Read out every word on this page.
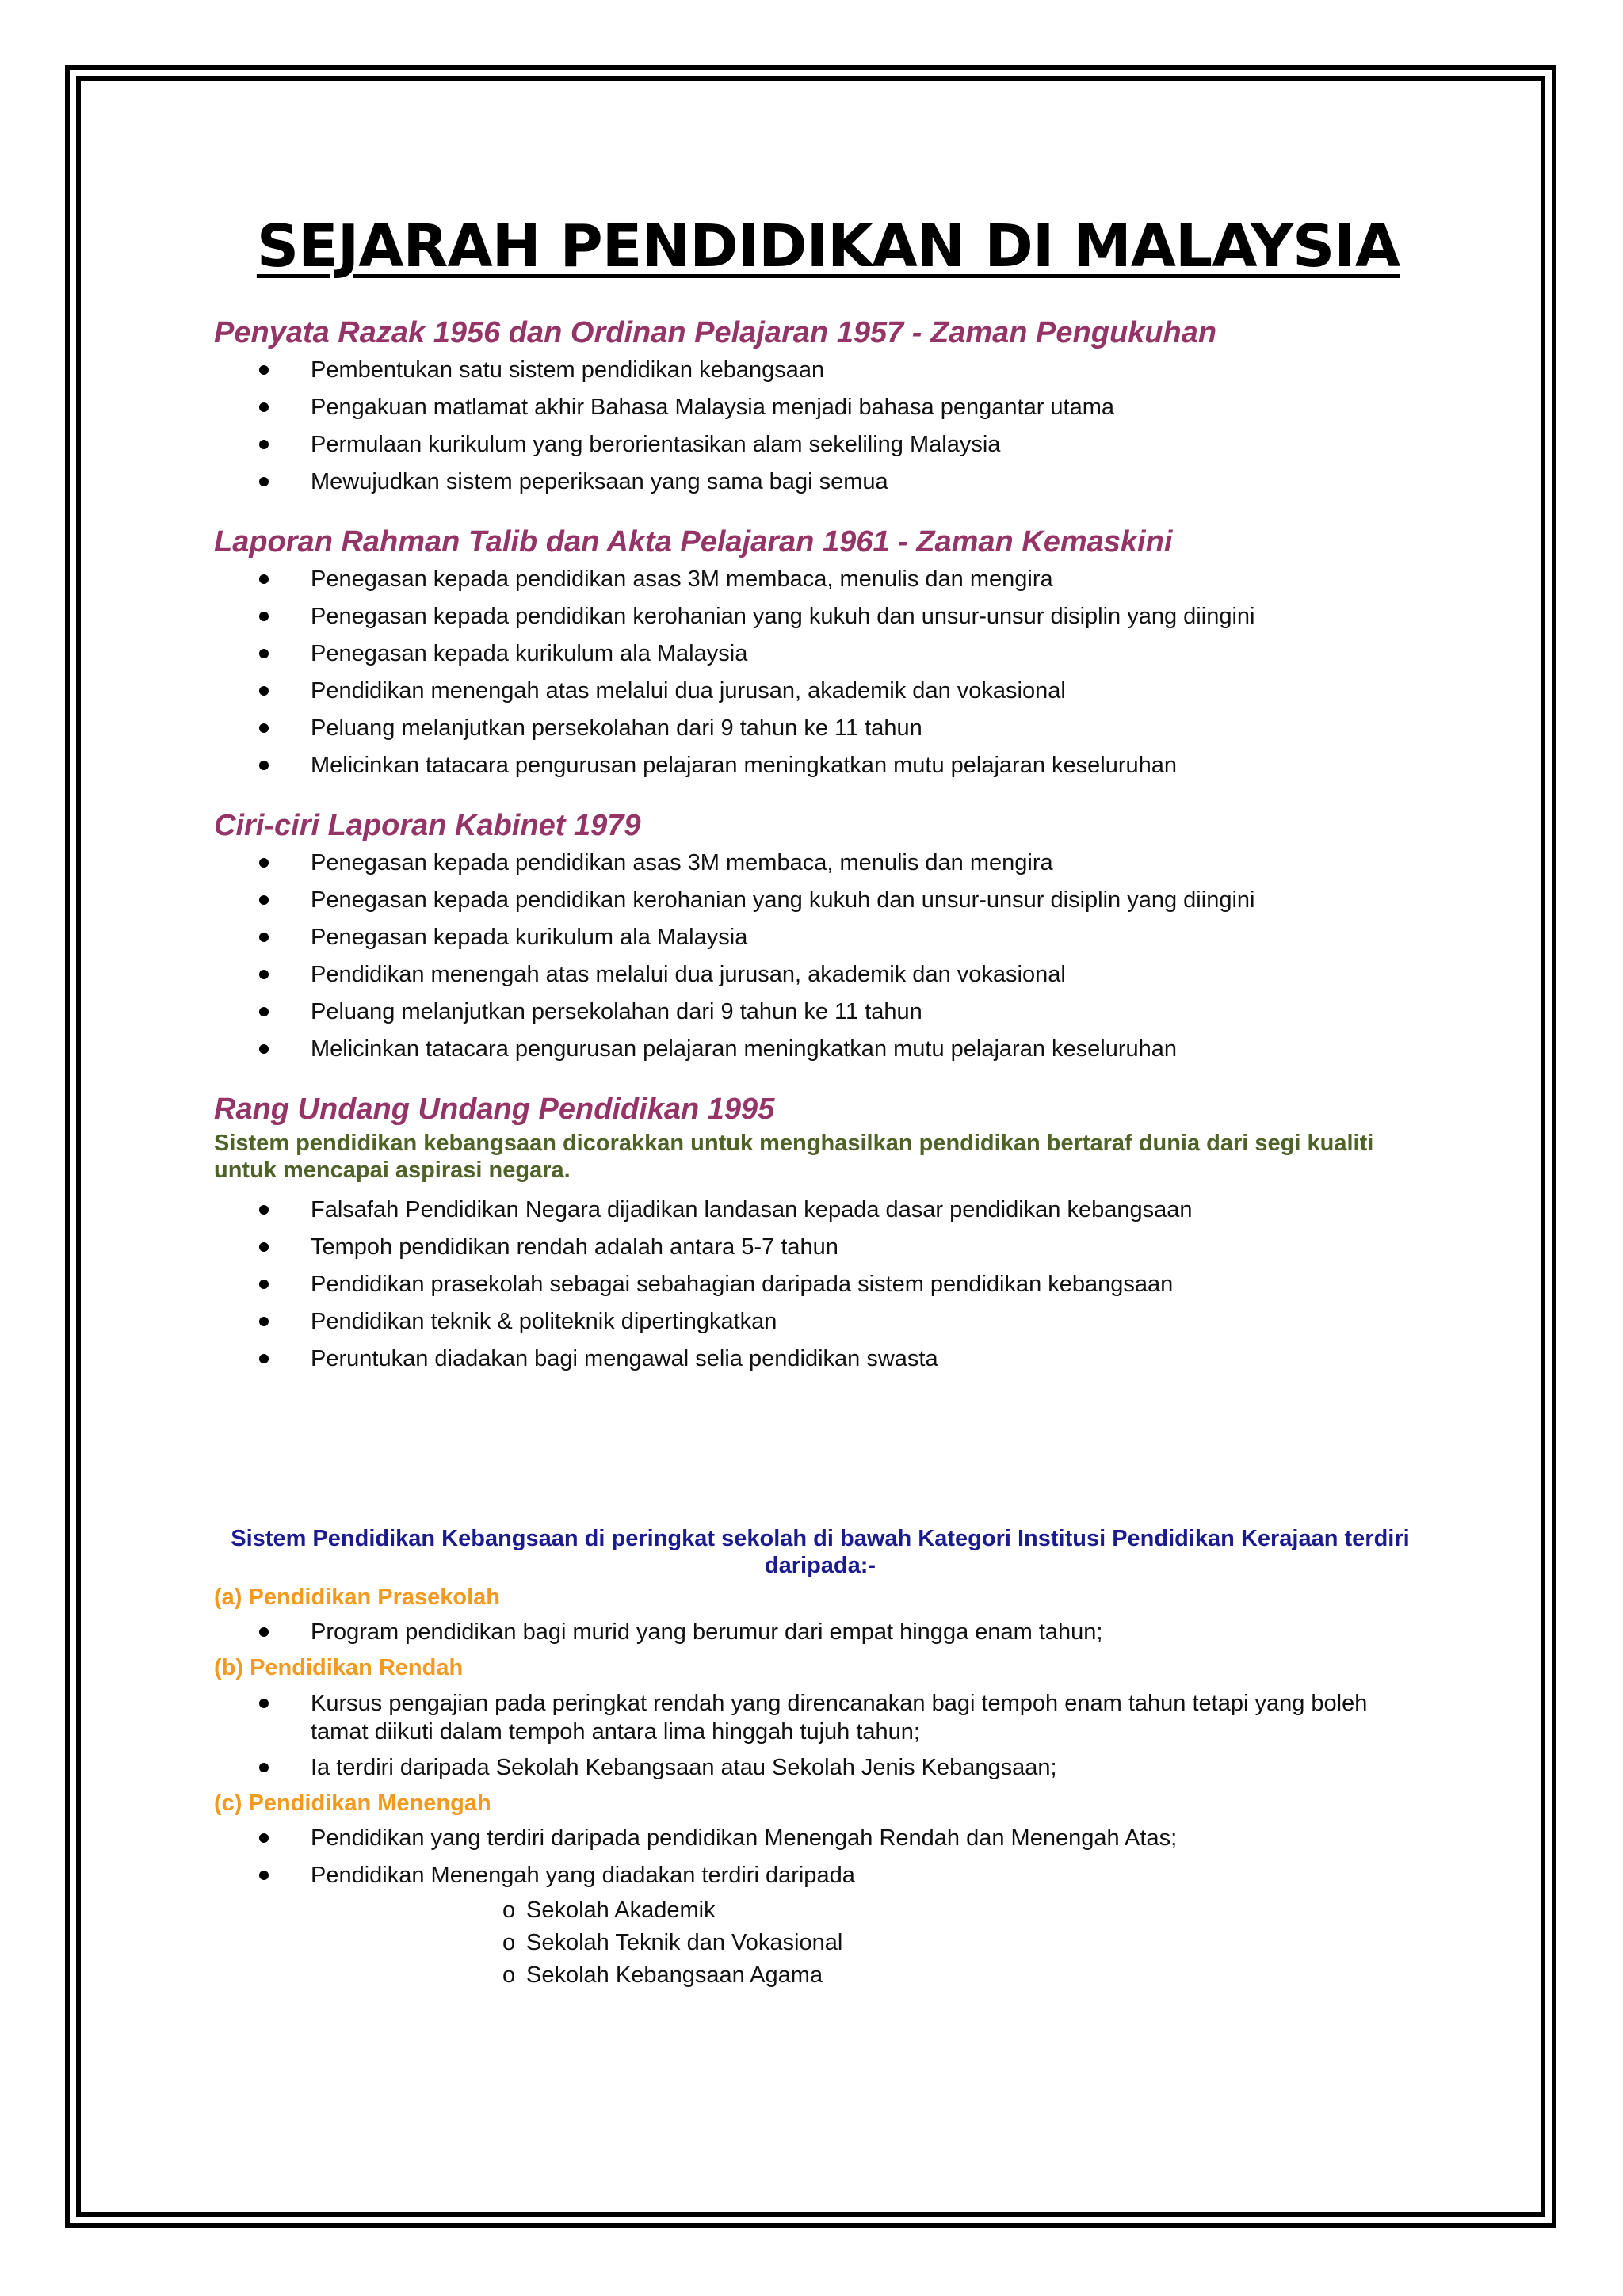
SEJARAH PENDIDIKAN DI MALAYSIA
Penyata Razak 1956 dan Ordinan Pelajaran 1957 - Zaman Pengukuhan
Pembentukan satu sistem pendidikan kebangsaan
Pengakuan matlamat akhir Bahasa Malaysia menjadi bahasa pengantar utama
Permulaan kurikulum yang berorientasikan alam sekeliling Malaysia
Mewujudkan sistem peperiksaan yang sama bagi semua
Laporan Rahman Talib dan Akta Pelajaran 1961 - Zaman Kemaskini
Penegasan kepada pendidikan asas 3M membaca, menulis dan mengira
Penegasan kepada pendidikan kerohanian yang kukuh dan unsur-unsur disiplin yang diingini
Penegasan kepada kurikulum ala Malaysia
Pendidikan menengah atas melalui dua jurusan, akademik dan vokasional
Peluang melanjutkan persekolahan dari 9 tahun ke 11 tahun
Melicinkan tatacara pengurusan pelajaran meningkatkan mutu pelajaran keseluruhan
Ciri-ciri Laporan Kabinet 1979
Penegasan kepada pendidikan asas 3M membaca, menulis dan mengira
Penegasan kepada pendidikan kerohanian yang kukuh dan unsur-unsur disiplin yang diingini
Penegasan kepada kurikulum ala Malaysia
Pendidikan menengah atas melalui dua jurusan, akademik dan vokasional
Peluang melanjutkan persekolahan dari 9 tahun ke 11 tahun
Melicinkan tatacara pengurusan pelajaran meningkatkan mutu pelajaran keseluruhan
Rang Undang Undang Pendidikan 1995

Sistem pendidikan kebangsaan dicorakkan untuk menghasilkan pendidikan bertaraf dunia dari segi kualiti untuk mencapai aspirasi negara.

Falsafah Pendidikan Negara dijadikan landasan kepada dasar pendidikan kebangsaan
Tempoh pendidikan rendah adalah antara 5-7 tahun
Pendidikan prasekolah sebagai sebahagian daripada sistem pendidikan kebangsaan
Pendidikan teknik & politeknik dipertingkatkan
Peruntukan diadakan bagi mengawal selia pendidikan swasta

Sistem Pendidikan Kebangsaan di peringkat sekolah di bawah Kategori Institusi Pendidikan Kerajaan terdiri daripada:-

(a) Pendidikan Prasekolah

Program pendidikan bagi murid yang berumur dari empat hingga enam tahun;

(b) Pendidikan Rendah

Kursus pengajian pada peringkat rendah yang direncanakan bagi tempoh enam tahun tetapi yang boleh tamat diikuti dalam tempoh antara lima hinggah tujuh tahun;
Ia terdiri daripada Sekolah Kebangsaan atau Sekolah Jenis Kebangsaan;

(c) Pendidikan Menengah

Pendidikan yang terdiri daripada pendidikan Menengah Rendah dan Menengah Atas;
Pendidikan Menengah yang diadakan terdiri daripada
o Sekolah Akademik
o Sekolah Teknik dan Vokasional
o Sekolah Kebangsaan Agama
